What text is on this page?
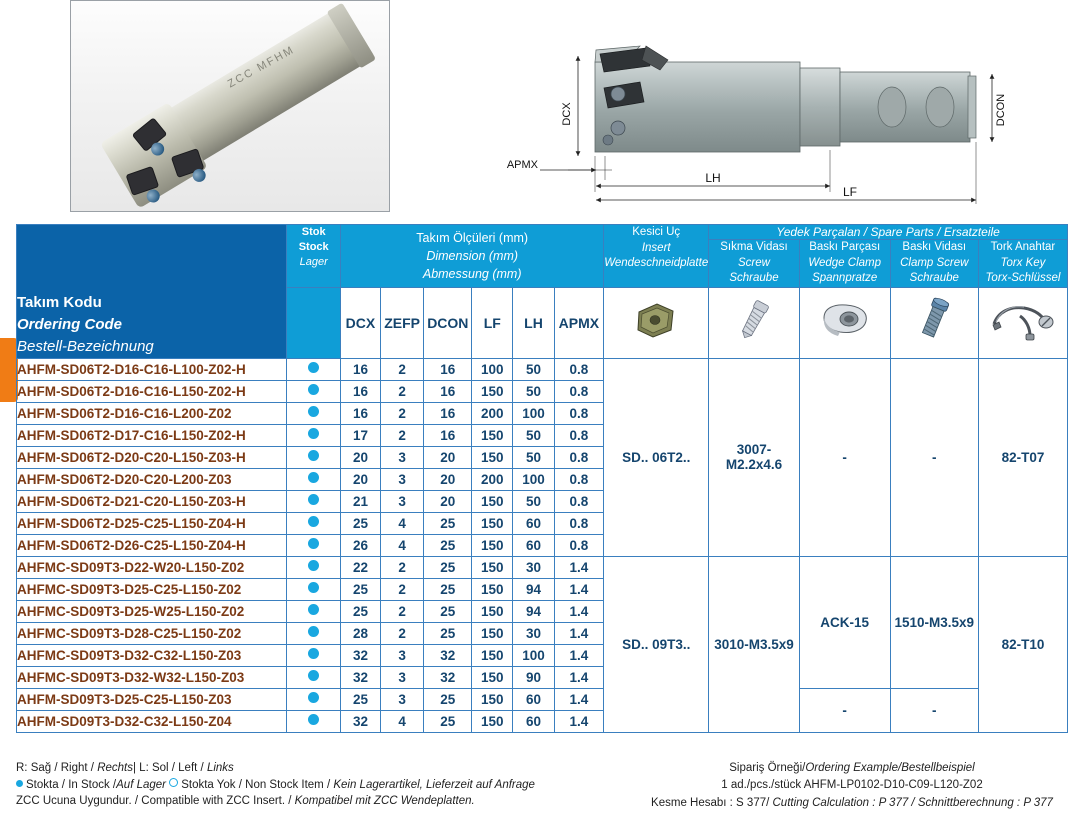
ZCC MFHM
DCX	DCON
APMX
LH
LF
Takım Kodu
Ordering Code
Bestell-Bezeichnung

Stok
Stock
Lager

Takım Ölçüleri (mm)
Dimension (mm)
Abmessung (mm)

Kesici Uç
Insert
Wendeschneidplatte
	Yedek Parçalan / Spare Parts / Ersatzteile

Sıkma Vidası
Screw
Schraube

Baskı Parçası
Wedge Clamp
Spannpratze

Baskı Vidası
Clamp Screw
Schraube

Tork Anahtar
Torx Key
Torx-Schlüssel

		DCX	ZEFP	DCON	LF	LH	APMX					
AHFM-SD06T2-D16-C16-L100-Z02-H		16	2	16	100	50	0.8	SD.. 06T2..	3007-M2.2x4.6	-	-	82-T07
AHFM-SD06T2-D16-C16-L150-Z02-H		16	2	16	150	50	0.8					
AHFM-SD06T2-D16-C16-L200-Z02		16	2	16	200	100	0.8					
AHFM-SD06T2-D17-C16-L150-Z02-H		17	2	16	150	50	0.8					
AHFM-SD06T2-D20-C20-L150-Z03-H		20	3	20	150	50	0.8					
AHFM-SD06T2-D20-C20-L200-Z03		20	3	20	200	100	0.8					
AHFM-SD06T2-D21-C20-L150-Z03-H		21	3	20	150	50	0.8					
AHFM-SD06T2-D25-C25-L150-Z04-H		25	4	25	150	60	0.8					
AHFM-SD06T2-D26-C25-L150-Z04-H		26	4	25	150	60	0.8					
AHFMC-SD09T3-D22-W20-L150-Z02		22	2	25	150	30	1.4	SD.. 09T3..	3010-M3.5x9	ACK-15	1510-M3.5x9	82-T10
AHFMC-SD09T3-D25-C25-L150-Z02		25	2	25	150	94	1.4					
AHFMC-SD09T3-D25-W25-L150-Z02		25	2	25	150	94	1.4					
AHFMC-SD09T3-D28-C25-L150-Z02		28	2	25	150	30	1.4					
AHFMC-SD09T3-D32-C32-L150-Z03		32	3	32	150	100	1.4					
AHFMC-SD09T3-D32-W32-L150-Z03		32	3	32	150	90	1.4					
AHFM-SD09T3-D25-C25-L150-Z03		25	3	25	150	60	1.4			-	-	
AHFM-SD09T3-D32-C32-L150-Z04		32	4	25	150	60	1.4					
R: Sağ / Right / Rechts| L: Sol / Left / Links
Stokta / In Stock /Auf Lager Stokta Yok / Non Stock Item / Kein Lagerartikel, Lieferzeit auf Anfrage
ZCC Ucuna Uygundur. / Compatible with ZCC Insert. / Kompatibel mit ZCC Wendeplatten.
Sipariş Örneği/Ordering Example/Bestellbeispiel
1 ad./pcs./stück AHFM-LP0102-D10-C09-L120-Z02
Kesme Hesabı : S 377/ Cutting Calculation : P 377 / Schnittberechnung : P 377
